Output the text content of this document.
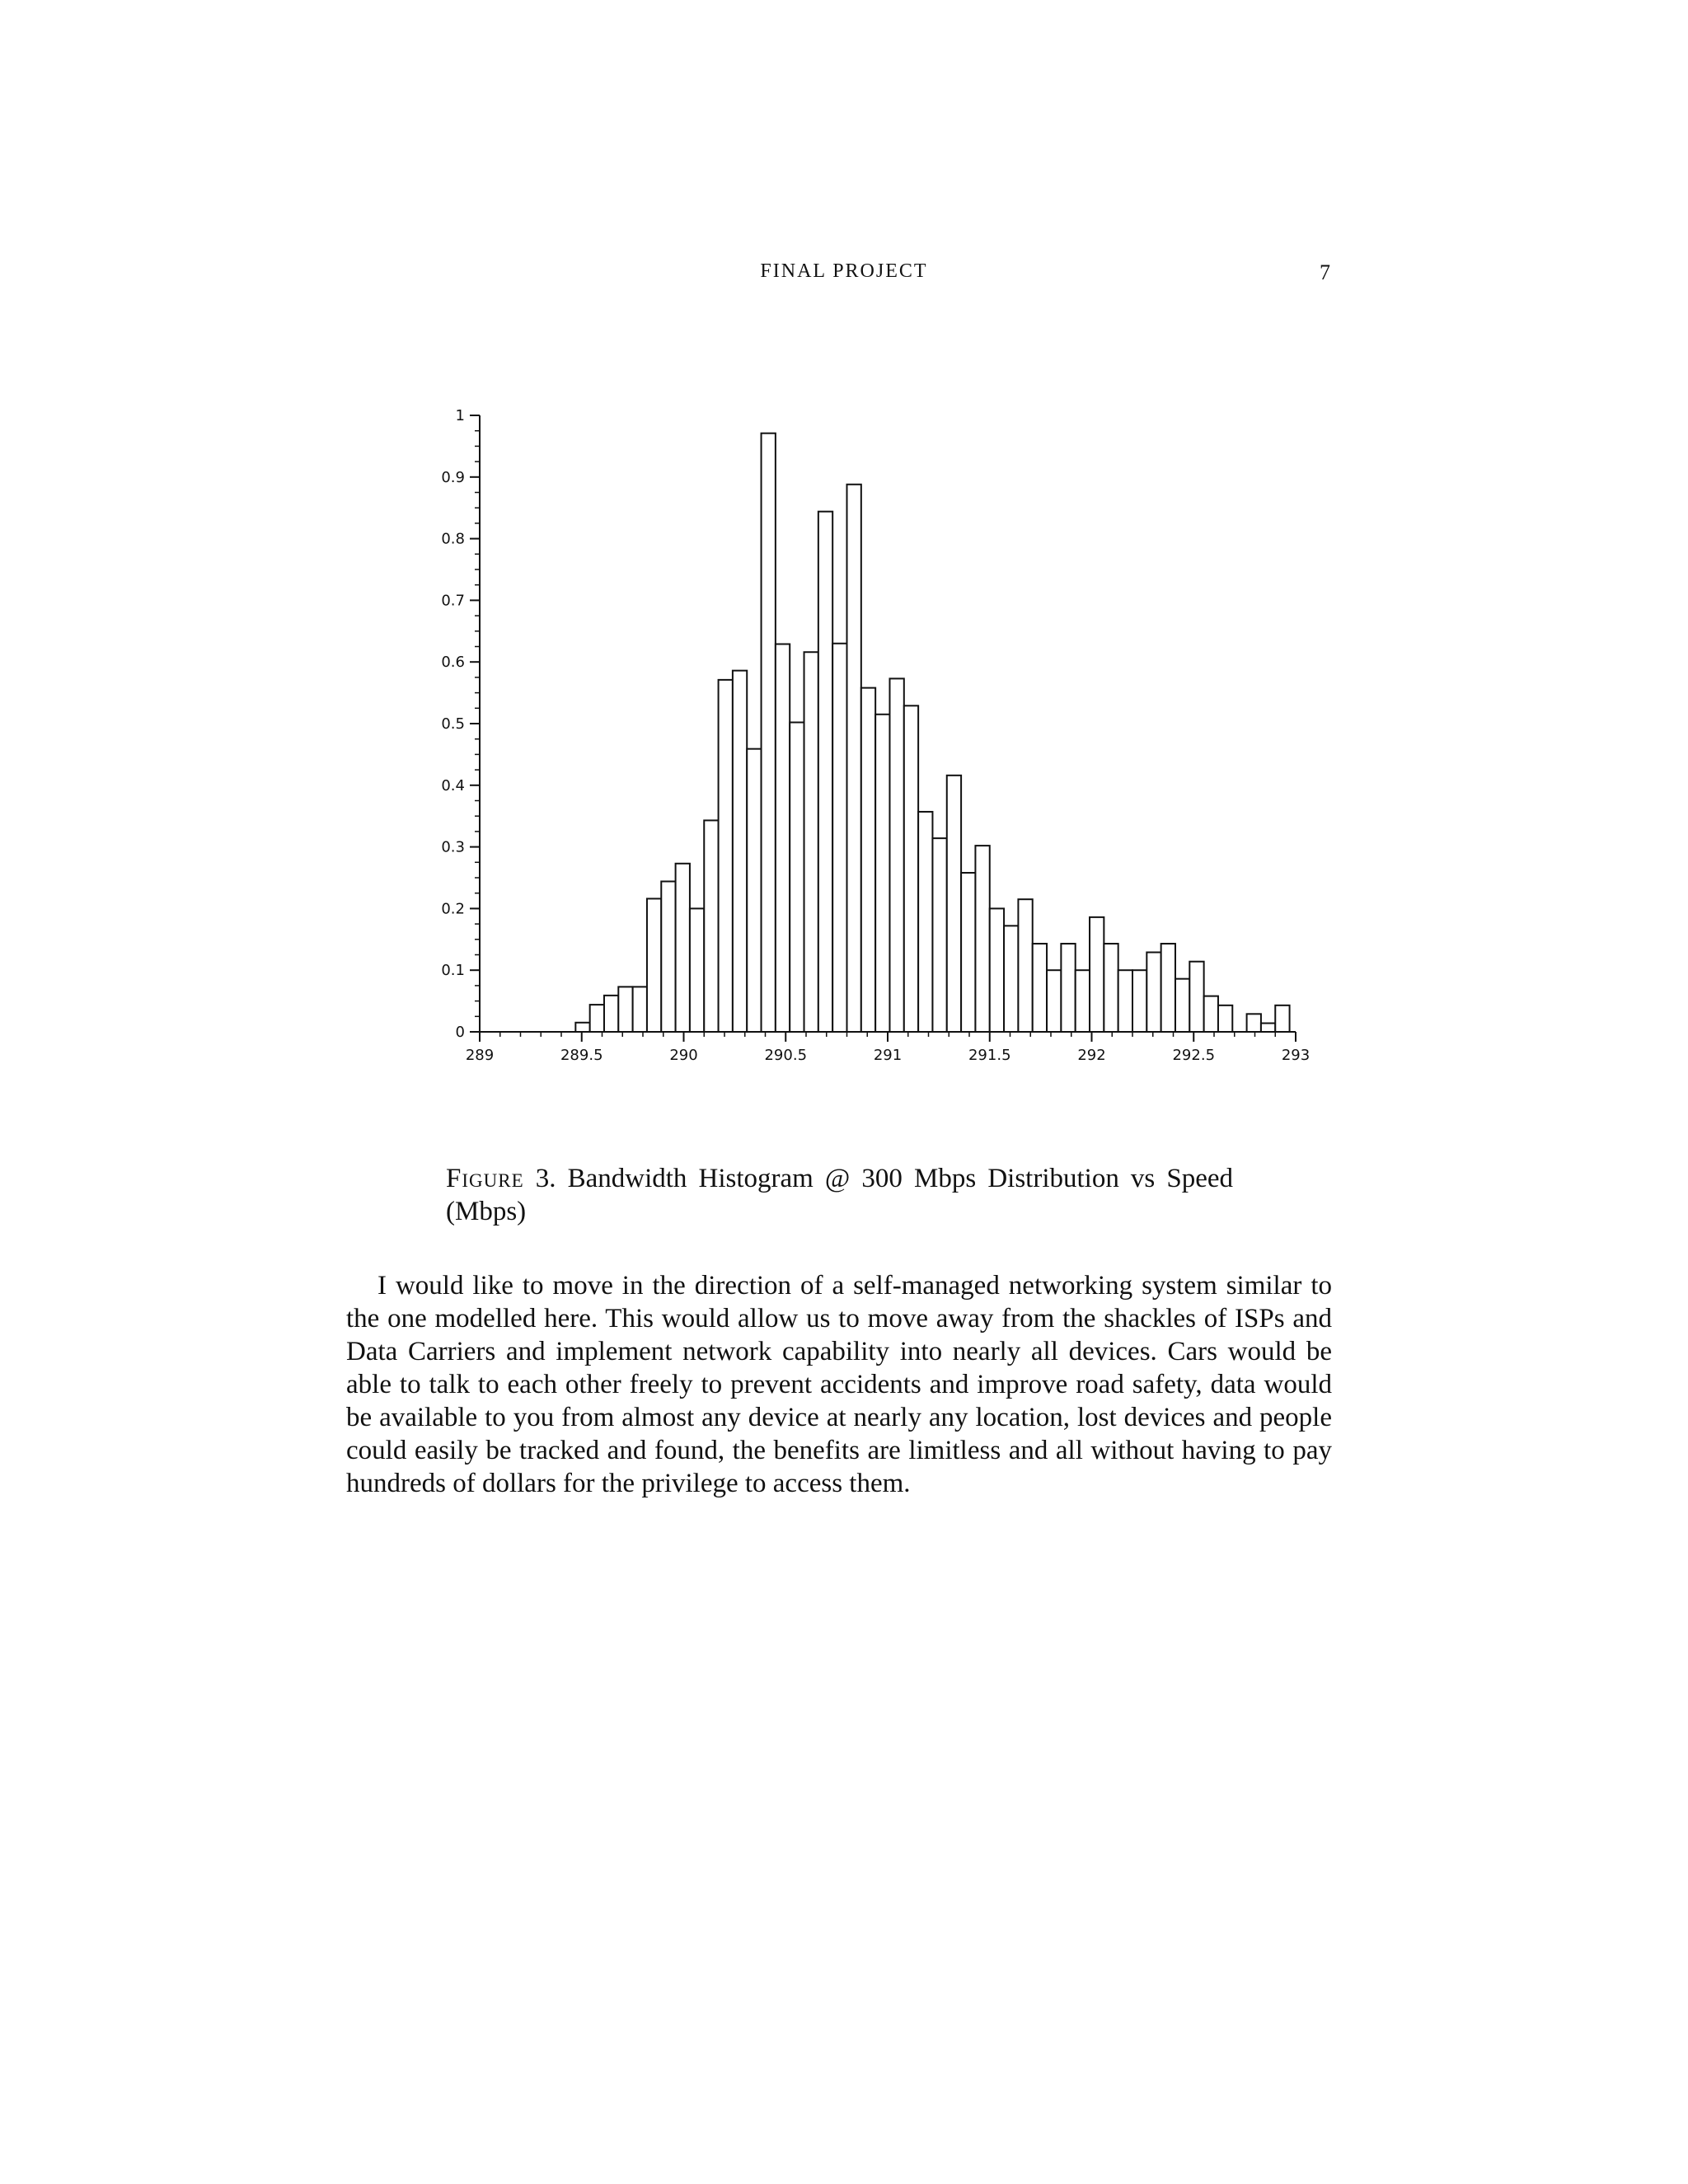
FINAL PROJECT	7
289	289.5	290	290.5	291	291.5	292	292.5	293
0
0.1
0.2
0.3
0.4
0.5
0.6
0.7
0.8
0.9
1
Figure 3. Bandwidth Histogram @ 300 Mbps Distribution vs Speed (Mbps)

I would like to move in the direction of a self-managed networking system similar to the one modelled here. This would allow us to move away from the shackles of ISPs and Data Carriers and implement network capability into nearly all devices. Cars would be able to talk to each other freely to prevent accidents and improve road safety, data would be available to you from almost any device at nearly any location, lost devices and people could easily be tracked and found, the benefits are limitless and all without having to pay hundreds of dollars for the privilege to access them.
